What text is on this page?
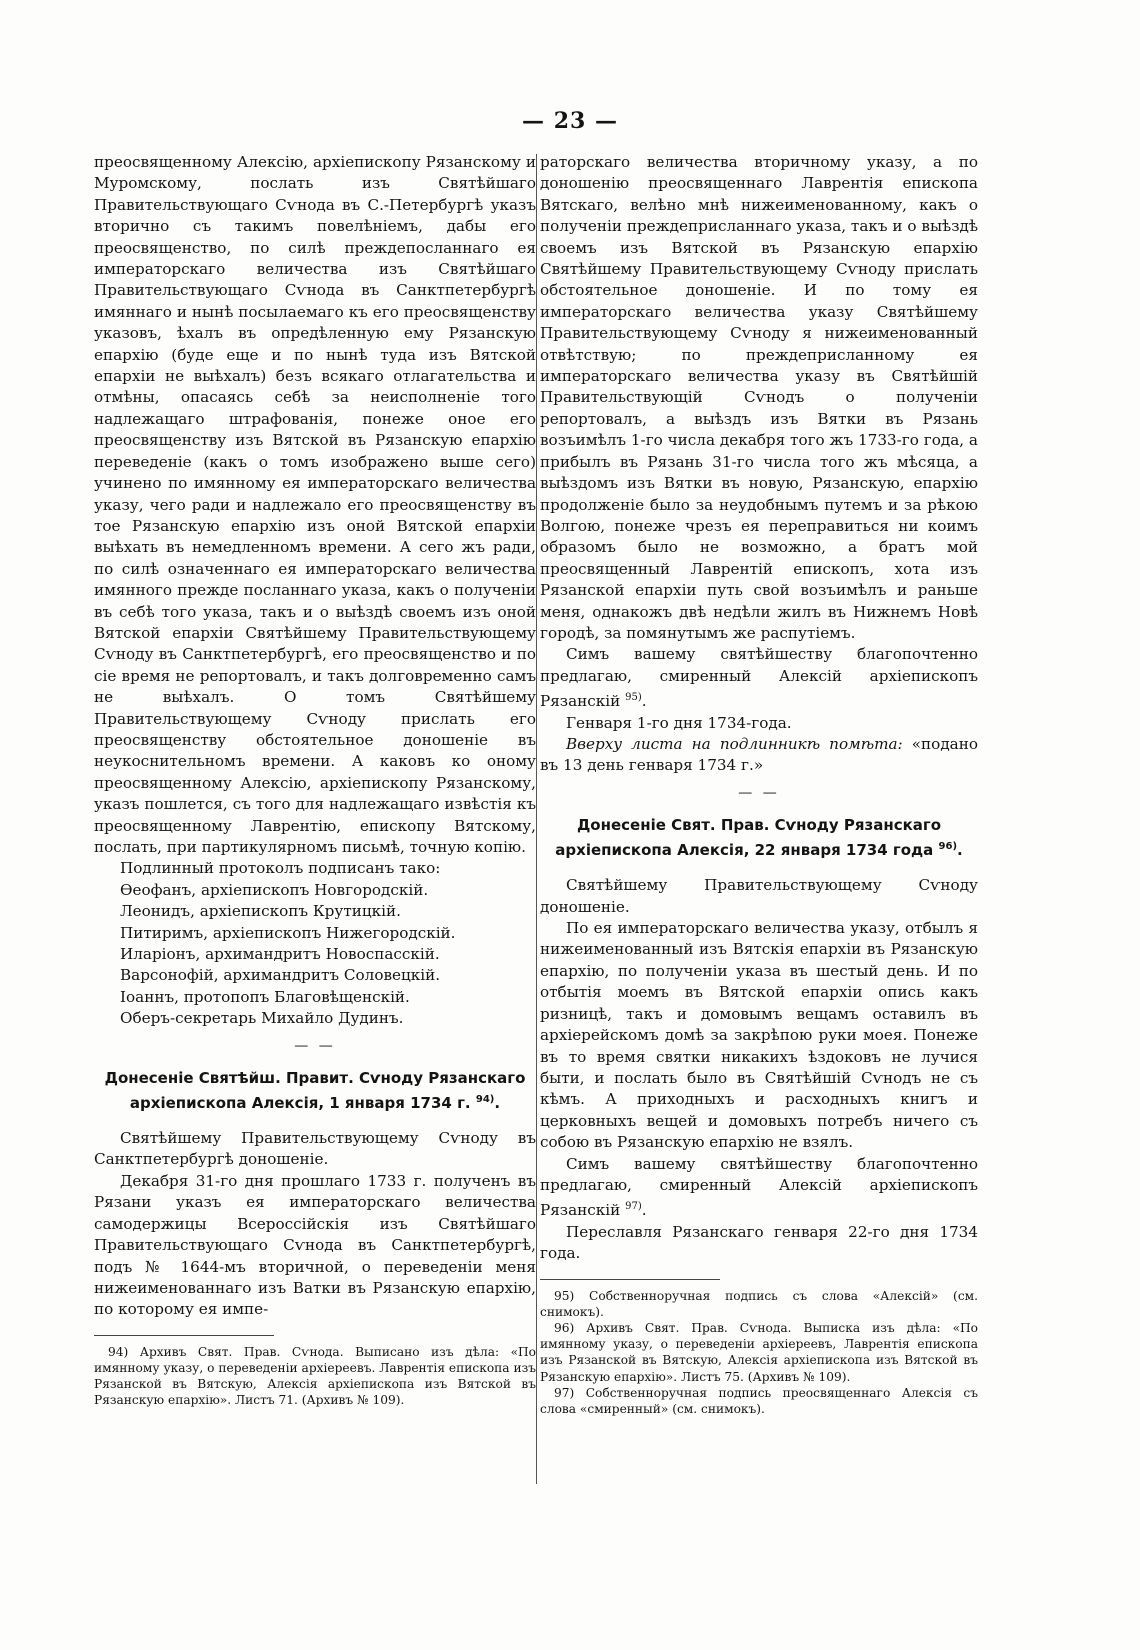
— 23 —

преосвященному Алексію, архіепископу Рязанскому и Муромскому, послать изъ Святѣйшаго Правительствующаго Сѵнода въ С.-Петербургѣ указъ вторично съ такимъ повелѣніемъ, дабы его преосвященство, по силѣ преждепосланнаго ея императорскаго величества изъ Святѣйшаго Правительствующаго Сѵнода въ Санктпетербургѣ имяннаго и нынѣ посылаемаго къ его преосвященству указовъ, ѣхалъ въ опредѣленную ему Рязанскую епархію (буде еще и по нынѣ туда изъ Вятской епархіи не выѣхалъ) безъ всякаго отлагательства и отмѣны, опасаясь себѣ за неисполненіе того надлежащаго штрафованія, понеже оное его преосвященству изъ Вятской въ Рязанскую епархію переведеніе (какъ о томъ изображено выше сего) учинено по имянному ея императорскаго величества указу, чего ради и надлежало его преосвященству въ тое Рязанскую епархію изъ оной Вятской епархіи выѣхать въ немедленномъ времени. А сего жъ ради, по силѣ означеннаго ея императорскаго величества имянного прежде посланнаго указа, какъ о полученіи въ себѣ того указа, такъ и о выѣздѣ своемъ изъ оной Вятской епархіи Святѣйшему Правительствующему Сѵноду въ Санктпетербургѣ, его преосвященство и по сіе время не репортовалъ, и такъ долговременно самъ не выѣхалъ. О томъ Святѣйшему Правительствующему Сѵноду прислать его преосвященству обстоятельное доношеніе въ неукоснительномъ времени. А каковъ ко оному преосвященному Алексію, архіепископу Рязанскому, указъ пошлется, съ того для надлежащаго извѣстія къ преосвященному Лаврентію, епископу Вятскому, послать, при партикулярномъ письмѣ, точную копію.

Подлинный протоколъ подписанъ тако:

Ѳеофанъ, архіепископъ Новгородскій.

Леонидъ, архіепископъ Крутицкій.

Питиримъ, архіепископъ Нижегородскій.

Иларіонъ, архимандритъ Новоспасскій.

Варсонофій, архимандритъ Соловецкій.

Іоаннъ, протопопъ Благовѣщенскій.

Оберъ-секретарь Михайло Дудинъ.

— —
Донесеніе Святѣйш. Правит. Сѵноду Рязанскаго архіепископа Алексія, 1 января 1734 г. $^{94)}$.

Святѣйшему Правительствующему Сѵноду въ Санктпетербургѣ доношеніе.

Декабря 31-го дня прошлаго 1733 г. полученъ въ Рязани указъ ея императорскаго величества самодержицы Всероссійскія изъ Святѣйшаго Правительствующаго Сѵнода въ Санктпетербургѣ, подъ № 1644-мъ вторичной, о переведеніи меня нижеименованнаго изъ Ватки въ Рязанскую епархію, по которому ея импе-

94) Архивъ Свят. Прав. Сѵнода. Выписано изъ дѣла: «По имянному указу, о переведеніи архіереевъ. Лаврентія епископа изъ Рязанской въ Вятскую, Алексія архіепископа изъ Вятской въ Рязанскую епархію». Листъ 71. (Архивъ № 109).

раторскаго величества вторичному указу, а по доношенію преосвященнаго Лаврентія епископа Вятскаго, велѣно мнѣ нижеименованному, какъ о полученіи преждеприсланнаго указа, такъ и о выѣздѣ своемъ изъ Вятской въ Рязанскую епархію Святѣйшему Правительствующему Сѵноду прислать обстоятельное доношеніе. И по тому ея императорскаго величества указу Святѣйшему Правительствующему Сѵноду я нижеименованный отвѣтствую; по преждеприсланному ея императорскаго величества указу въ Святѣйшій Правительствующій Сѵнодъ о полученіи репортовалъ, а выѣздъ изъ Вятки въ Рязань возъимѣлъ 1-го числа декабря того жъ 1733-го года, а прибылъ въ Рязань 31-го числа того жъ мѣсяца, а выѣздомъ изъ Вятки въ новую, Рязанскую, епархію продолженіе было за неудобнымъ путемъ и за рѣкою Волгою, понеже чрезъ ея переправиться ни коимъ образомъ было не возможно, а братъ мой преосвященный Лаврентій епископъ, хота изъ Рязанской епархіи путь свой возъимѣлъ и раньше меня, однакожъ двѣ недѣли жилъ въ Нижнемъ Новѣ городѣ, за помянутымъ же распутіемъ.

Симъ вашему святѣйшеству благопочтенно предлагаю, смиренный Алексій архіепископъ Рязанскій $^{95)}$.

Генваря 1-го дня 1734-года.

Вверху листа на подлинникѣ помѣта: «подано въ 13 день генваря 1734 г.»

— —
Донесеніе Свят. Прав. Сѵноду Рязанскаго архіепископа Алексія, 22 января 1734 года $^{96)}$.

Святѣйшему Правительствующему Сѵноду доношеніе.

По ея императорскаго величества указу, отбылъ я нижеименованный изъ Вятскія епархіи въ Рязанскую епархію, по полученіи указа въ шестый день. И по отбытія моемъ въ Вятской епархіи опись какъ ризницѣ, такъ и домовымъ вещамъ оставилъ въ архіерейскомъ домѣ за закрѣпою руки моея. Понеже въ то время святки никакихъ ѣздоковъ не лучися быти, и послать было въ Святѣйшій Сѵнодъ не съ кѣмъ. А приходныхъ и расходныхъ книгъ и церковныхъ вещей и домовыхъ потребъ ничего съ собою въ Рязанскую епархію не взялъ.

Симъ вашему святѣйшеству благопочтенно предлагаю, смиренный Алексій архіепископъ Рязанскій $^{97)}$.

Переславля Рязанскаго генваря 22-го дня 1734 года.

95) Собственноручная подпись съ слова «Алексій» (см. снимокъ).

96) Архивъ Свят. Прав. Сѵнода. Выписка изъ дѣла: «По имянному указу, о переведеніи архіереевъ, Лаврентія епископа изъ Рязанской въ Вятскую, Алексія архіепископа изъ Вятской въ Рязанскую епархію». Листъ 75. (Архивъ № 109).

97) Собственноручная подпись преосвященнаго Алексія съ слова «смиренный» (см. снимокъ).
